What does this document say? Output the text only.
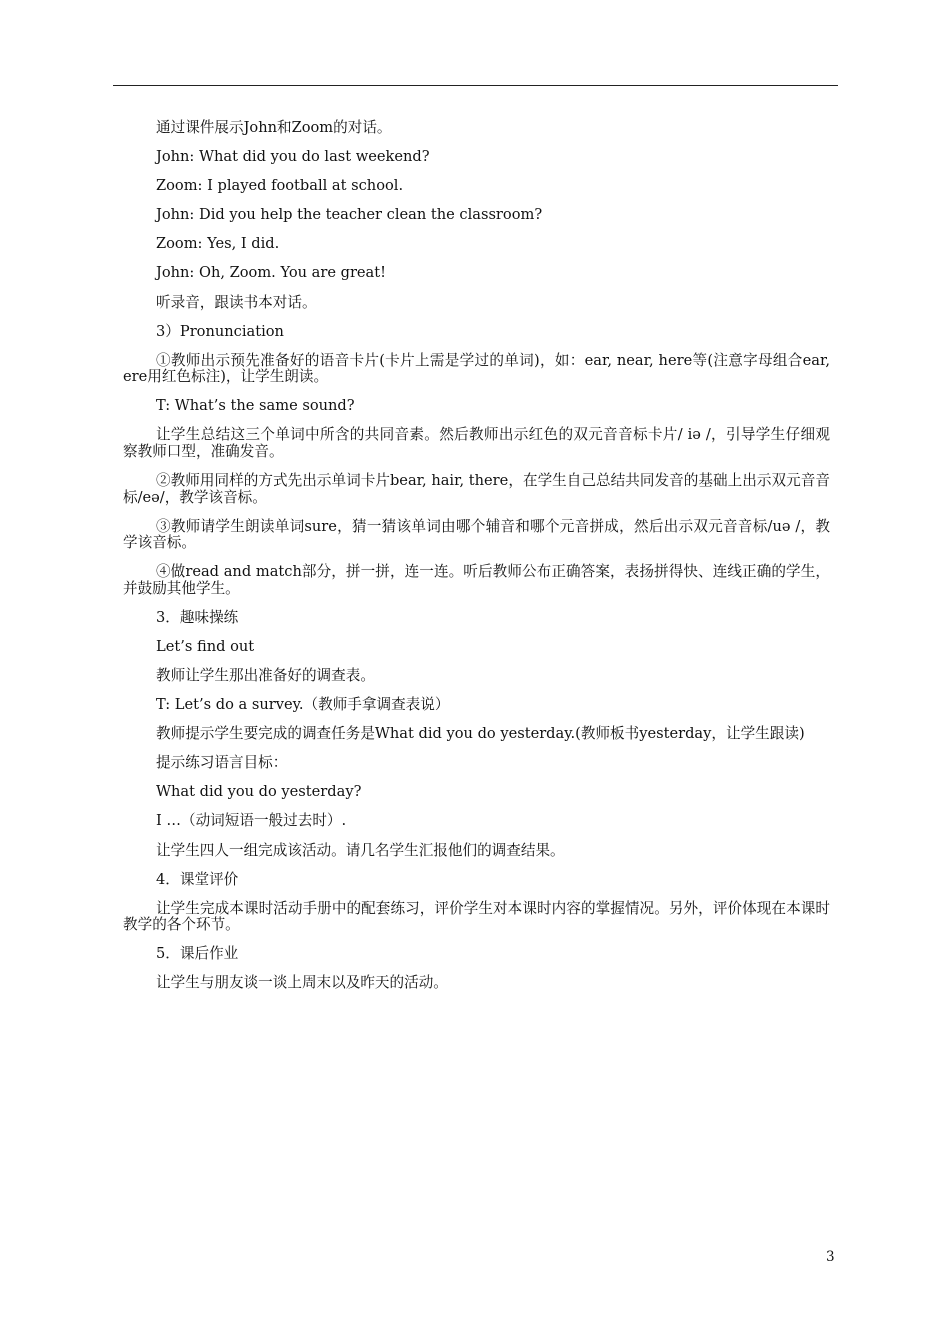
通过课件展示John和Zoom的对话。

John: What did you do last weekend?

Zoom: I played football at school.

John: Did you help the teacher clean the classroom?

Zoom: Yes, I did.

John: Oh, Zoom. You are great!

听录音，跟读书本对话。

3）Pronunciation

①教师出示预先准备好的语音卡片(卡片上需是学过的单词)，如：ear, near, here等(注意字母组合ear, ere用红色标注)，让学生朗读。

T: What’s the same sound?

让学生总结这三个单词中所含的共同音素。然后教师出示红色的双元音音标卡片/ iə /，引导学生仔细观察教师口型，准确发音。

②教师用同样的方式先出示单词卡片bear, hair, there，在学生自己总结共同发音的基础上出示双元音音标/eə/，教学该音标。

③教师请学生朗读单词sure，猜一猜该单词由哪个辅音和哪个元音拼成，然后出示双元音音标/uə /，教学该音标。

④做read and match部分，拼一拼，连一连。听后教师公布正确答案，表扬拼得快、连线正确的学生，并鼓励其他学生。

3．趣味操练

Let’s find out

教师让学生那出准备好的调查表。

T: Let’s do a survey.（教师手拿调查表说）

教师提示学生要完成的调查任务是What did you do yesterday.(教师板书yesterday，让学生跟读)

提示练习语言目标：

What did you do yesterday?

I …（动词短语一般过去时）.

让学生四人一组完成该活动。请几名学生汇报他们的调查结果。

4．课堂评价

让学生完成本课时活动手册中的配套练习，评价学生对本课时内容的掌握情况。另外，评价体现在本课时教学的各个环节。

5．课后作业

让学生与朋友谈一谈上周末以及昨天的活动。

3
